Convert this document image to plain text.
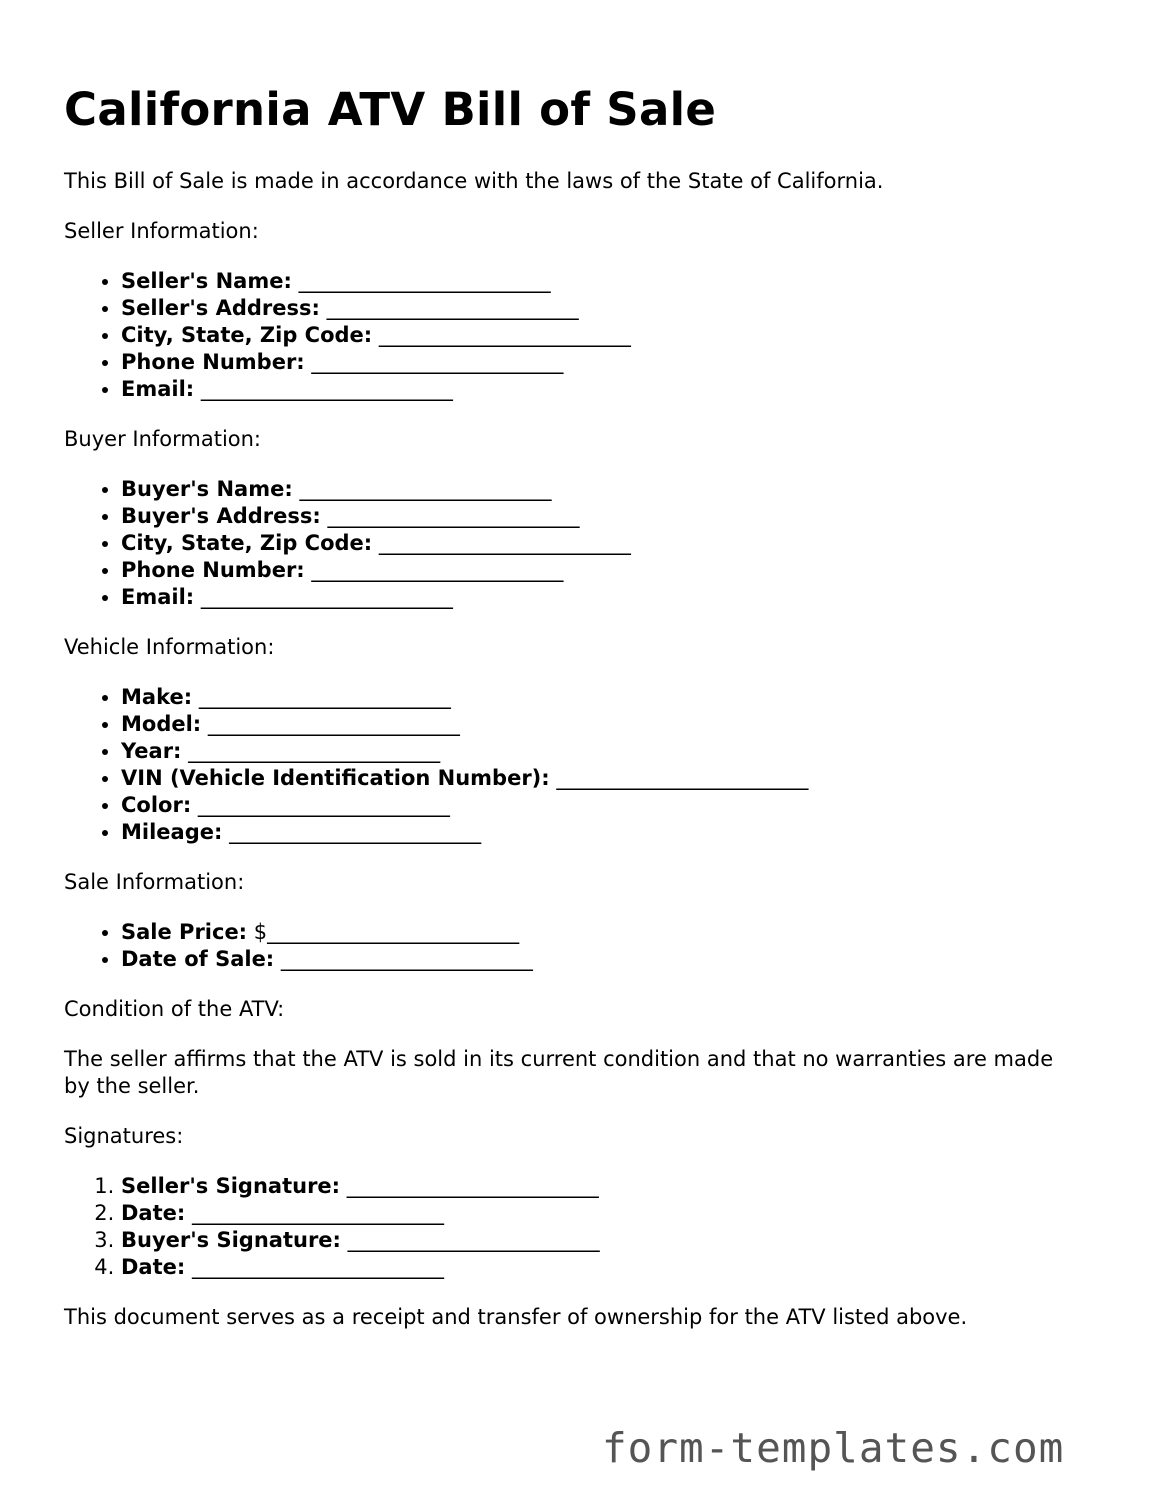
California ATV Bill of Sale

This Bill of Sale is made in accordance with the laws of the State of California.

Seller Information:

• Seller's Name: ________________________
• Seller's Address: ________________________
• City, State, Zip Code: ________________________
• Phone Number: ________________________
• Email: ________________________

Buyer Information:

• Buyer's Name: ________________________
• Buyer's Address: ________________________
• City, State, Zip Code: ________________________
• Phone Number: ________________________
• Email: ________________________

Vehicle Information:

• Make: ________________________
• Model: ________________________
• Year: ________________________
• VIN (Vehicle Identification Number): ________________________
• Color: ________________________
• Mileage: ________________________

Sale Information:

• Sale Price: $________________________
• Date of Sale: ________________________

Condition of the ATV:

The seller affirms that the ATV is sold in its current condition and that no warranties are made by the seller.

Signatures:

1. Seller's Signature: ________________________
2. Date: ________________________
3. Buyer's Signature: ________________________
4. Date: ________________________

This document serves as a receipt and transfer of ownership for the ATV listed above.

form-templates.com
